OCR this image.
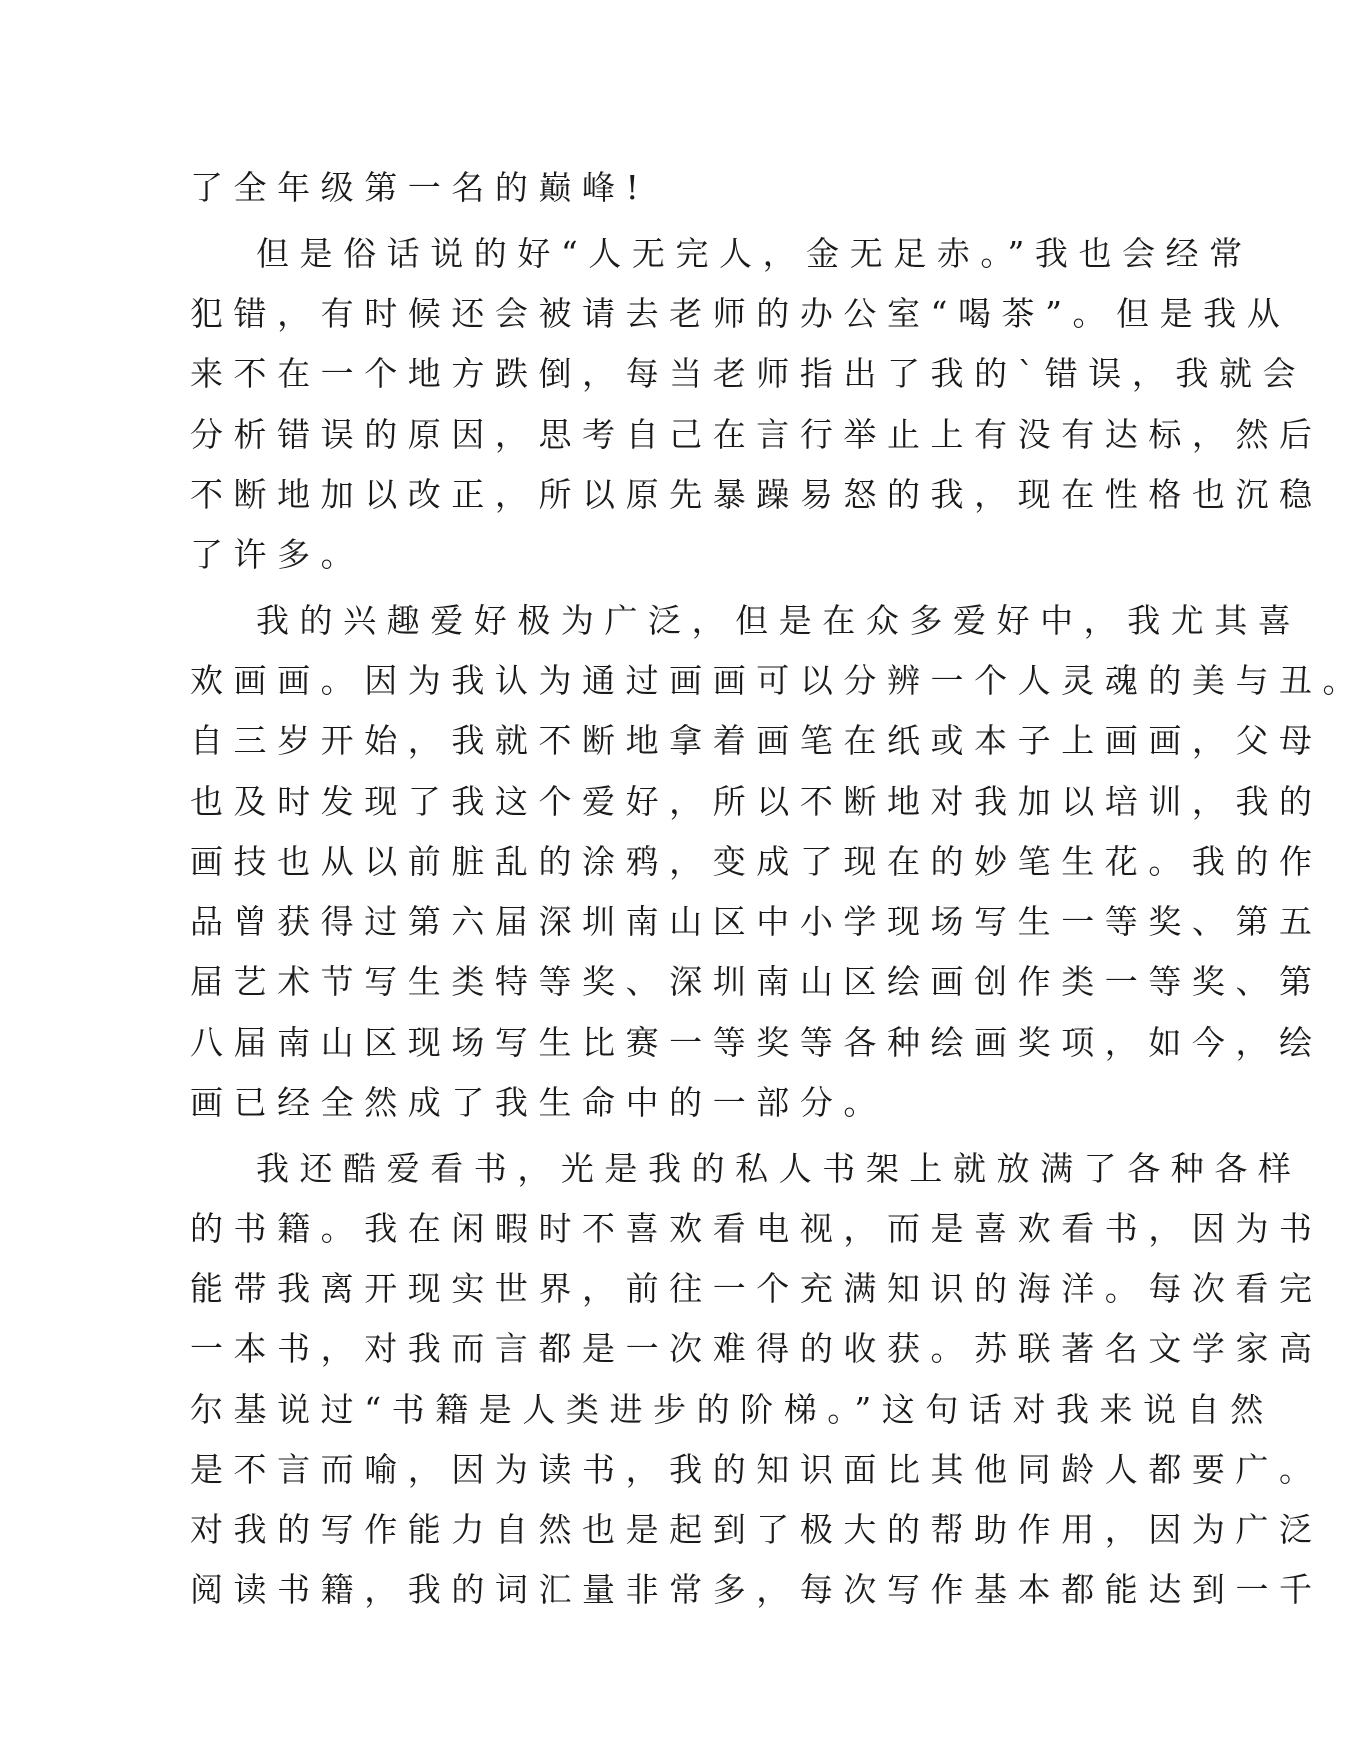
了全年级第一名的巅峰!
但是俗话说的好“人无完人，金无足赤。”我也会经常
犯错，有时候还会被请去老师的办公室“喝茶”。但是我从
来不在一个地方跌倒，每当老师指出了我的`错误，我就会
分析错误的原因，思考自己在言行举止上有没有达标，然后
不断地加以改正，所以原先暴躁易怒的我，现在性格也沉稳
了许多。
我的兴趣爱好极为广泛，但是在众多爱好中，我尤其喜
欢画画。因为我认为通过画画可以分辨一个人灵魂的美与丑。
自三岁开始，我就不断地拿着画笔在纸或本子上画画，父母
也及时发现了我这个爱好，所以不断地对我加以培训，我的
画技也从以前脏乱的涂鸦，变成了现在的妙笔生花。我的作
品曾获得过第六届深圳南山区中小学现场写生一等奖、第五
届艺术节写生类特等奖、深圳南山区绘画创作类一等奖、第
八届南山区现场写生比赛一等奖等各种绘画奖项，如今，绘
画已经全然成了我生命中的一部分。
我还酷爱看书，光是我的私人书架上就放满了各种各样
的书籍。我在闲暇时不喜欢看电视，而是喜欢看书，因为书
能带我离开现实世界，前往一个充满知识的海洋。每次看完
一本书，对我而言都是一次难得的收获。苏联著名文学家高
尔基说过“书籍是人类进步的阶梯。”这句话对我来说自然
是不言而喻，因为读书，我的知识面比其他同龄人都要广。
对我的写作能力自然也是起到了极大的帮助作用，因为广泛
阅读书籍，我的词汇量非常多，每次写作基本都能达到一千
